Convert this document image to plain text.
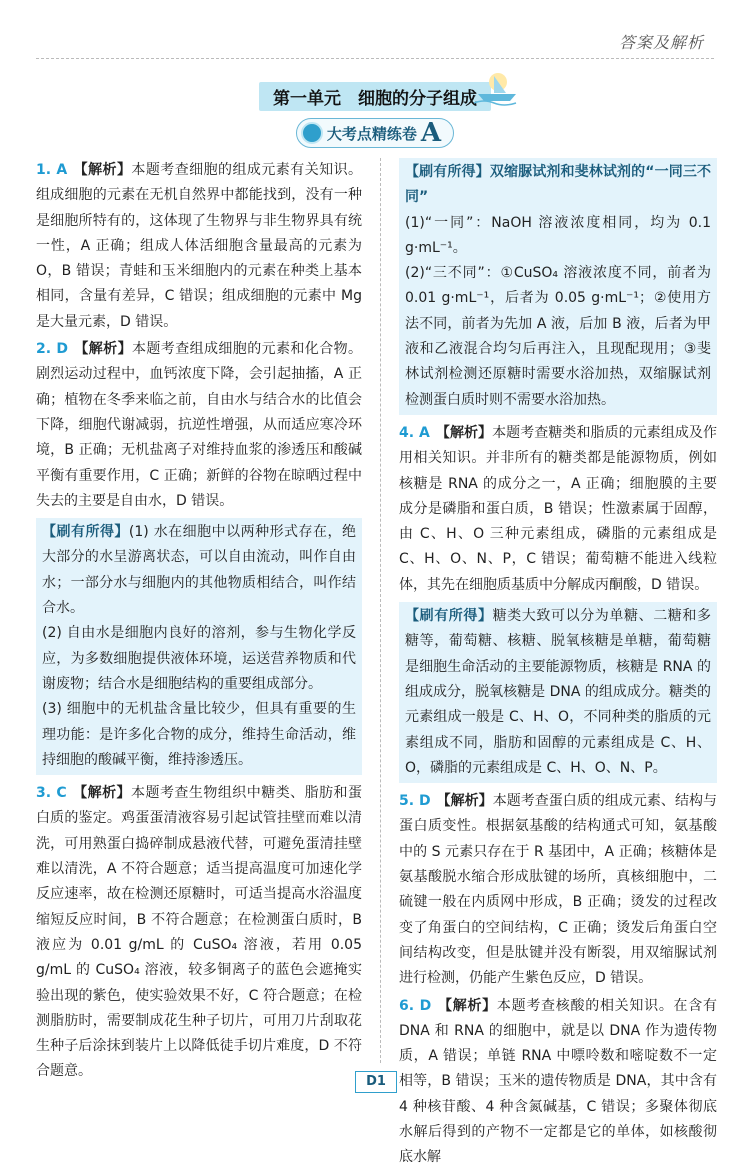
答案及解析
第一单元　细胞的分子组成
大考点精练卷 A
1. A 【解析】本题考查细胞的组成元素有关知识。组成细胞的元素在无机自然界中都能找到，没有一种是细胞所特有的，这体现了生物界与非生物界具有统一性，A 正确；组成人体活细胞含量最高的元素为 O，B 错误；青蛙和玉米细胞内的元素在种类上基本相同，含量有差异，C 错误；组成细胞的元素中 Mg 是大量元素，D 错误。
2. D 【解析】本题考查组成细胞的元素和化合物。剧烈运动过程中，血钙浓度下降，会引起抽搐，A 正确；植物在冬季来临之前，自由水与结合水的比值会下降，细胞代谢减弱，抗逆性增强，从而适应寒冷环境，B 正确；无机盐离子对维持血浆的渗透压和酸碱平衡有重要作用，C 正确；新鲜的谷物在晾晒过程中失去的主要是自由水，D 错误。

【刷有所得】(1) 水在细胞中以两种形式存在，绝大部分的水呈游离状态，可以自由流动，叫作自由水；一部分水与细胞内的其他物质相结合，叫作结合水。

(2) 自由水是细胞内良好的溶剂，参与生物化学反应，为多数细胞提供液体环境，运送营养物质和代谢废物；结合水是细胞结构的重要组成部分。

(3) 细胞中的无机盐含量比较少，但具有重要的生理功能：是许多化合物的成分，维持生命活动，维持细胞的酸碱平衡，维持渗透压。

3. C 【解析】本题考查生物组织中糖类、脂肪和蛋白质的鉴定。鸡蛋蛋清液容易引起试管挂壁而难以清洗，可用熟蛋白捣碎制成悬液代替，可避免蛋清挂壁难以清洗，A 不符合题意；适当提高温度可加速化学反应速率，故在检测还原糖时，可适当提高水浴温度缩短反应时间，B 不符合题意；在检测蛋白质时，B 液应为 0.01 g/mL 的 CuSO₄ 溶液，若用 0.05 g/mL 的 CuSO₄ 溶液，较多铜离子的蓝色会遮掩实验出现的紫色，使实验效果不好，C 符合题意；在检测脂肪时，需要制成花生种子切片，可用刀片刮取花生种子后涂抹到装片上以降低徒手切片难度，D 不符合题意。

【刷有所得】双缩脲试剂和斐林试剂的“一同三不同”

(1)“一同”：NaOH 溶液浓度相同，均为 0.1 g·mL⁻¹。

(2)“三不同”：①CuSO₄ 溶液浓度不同，前者为 0.01 g·mL⁻¹，后者为 0.05 g·mL⁻¹；②使用方法不同，前者为先加 A 液，后加 B 液，后者为甲液和乙液混合均匀后再注入，且现配现用；③斐林试剂检测还原糖时需要水浴加热，双缩脲试剂检测蛋白质时则不需要水浴加热。

4. A 【解析】本题考查糖类和脂质的元素组成及作用相关知识。并非所有的糖类都是能源物质，例如核糖是 RNA 的成分之一，A 正确；细胞膜的主要成分是磷脂和蛋白质，B 错误；性激素属于固醇，由 C、H、O 三种元素组成，磷脂的元素组成是 C、H、O、N、P，C 错误；葡萄糖不能进入线粒体，其先在细胞质基质中分解成丙酮酸，D 错误。

【刷有所得】糖类大致可以分为单糖、二糖和多糖等，葡萄糖、核糖、脱氧核糖是单糖，葡萄糖是细胞生命活动的主要能源物质，核糖是 RNA 的组成成分，脱氧核糖是 DNA 的组成成分。糖类的元素组成一般是 C、H、O，不同种类的脂质的元素组成不同，脂肪和固醇的元素组成是 C、H、O，磷脂的元素组成是 C、H、O、N、P。

5. D 【解析】本题考查蛋白质的组成元素、结构与蛋白质变性。根据氨基酸的结构通式可知，氨基酸中的 S 元素只存在于 R 基团中，A 正确；核糖体是氨基酸脱水缩合形成肽键的场所，真核细胞中，二硫键一般在内质网中形成，B 正确；烫发的过程改变了角蛋白的空间结构，C 正确；烫发后角蛋白空间结构改变，但是肽键并没有断裂，用双缩脲试剂进行检测，仍能产生紫色反应，D 错误。
6. D 【解析】本题考查核酸的相关知识。在含有 DNA 和 RNA 的细胞中，就是以 DNA 作为遗传物质，A 错误；单链 RNA 中嘌呤数和嘧啶数不一定相等，B 错误；玉米的遗传物质是 DNA，其中含有 4 种核苷酸、4 种含氮碱基，C 错误；多聚体彻底水解后得到的产物不一定都是它的单体，如核酸彻底水解
D1
